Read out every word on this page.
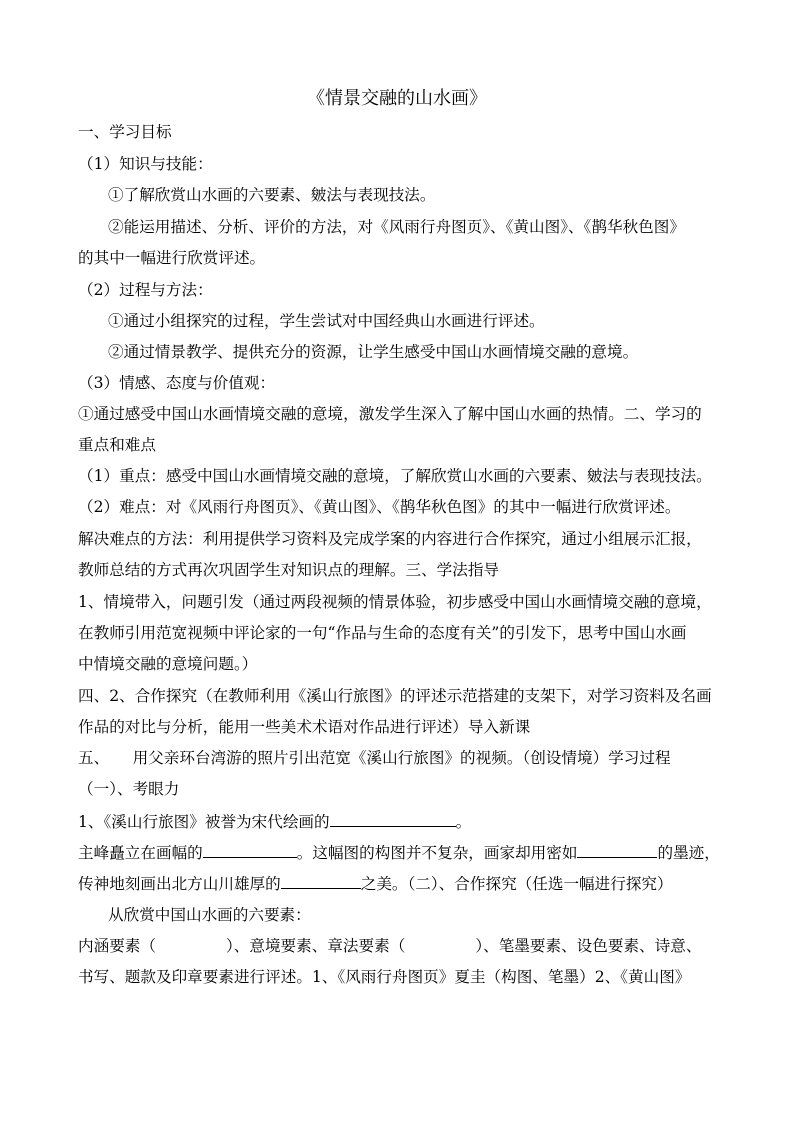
《情景交融的山水画》
一、学习目标
（1）知识与技能：
①了解欣赏山水画的六要素、皴法与表现技法。
②能运用描述、分析、评价的方法，对《风雨行舟图页》、《黄山图》、《鹊华秋色图》
的其中一幅进行欣赏评述。
（2）过程与方法：
①通过小组探究的过程，学生尝试对中国经典山水画进行评述。
②通过情景教学、提供充分的资源，让学生感受中国山水画情境交融的意境。
（3）情感、态度与价值观：
①通过感受中国山水画情境交融的意境，激发学生深入了解中国山水画的热情。二、学习的
重点和难点
（1）重点：感受中国山水画情境交融的意境，了解欣赏山水画的六要素、皴法与表现技法。
（2）难点：对《风雨行舟图页》、《黄山图》、《鹊华秋色图》的其中一幅进行欣赏评述。
解决难点的方法：利用提供学习资料及完成学案的内容进行合作探究，通过小组展示汇报，
教师总结的方式再次巩固学生对知识点的理解。三、学法指导
1、情境带入，问题引发（通过两段视频的情景体验，初步感受中国山水画情境交融的意境，
在教师引用范宽视频中评论家的一句“作品与生命的态度有关”的引发下，思考中国山水画
中情境交融的意境问题。）
四、2、合作探究（在教师利用《溪山行旅图》的评述示范搭建的支架下，对学习资料及名画
作品的对比与分析，能用一些美术术语对作品进行评述）导入新课
五、　　用父亲环台湾游的照片引出范宽《溪山行旅图》的视频。（创设情境）学习过程
（一）、考眼力
1、《溪山行旅图》被誉为宋代绘画的	。
主峰矗立在画幅的	。这幅图的构图并不复杂，画家却用密如	的墨迹，
传神地刻画出北方山川雄厚的	之美。（二）、合作探究（任选一幅进行探究）
从欣赏中国山水画的六要素：
内涵要素（	）、意境要素、章法要素（	）、笔墨要素、设色要素、诗意、
书写、题款及印章要素进行评述。1、《风雨行舟图页》夏圭（构图、笔墨）2、《黄山图》
